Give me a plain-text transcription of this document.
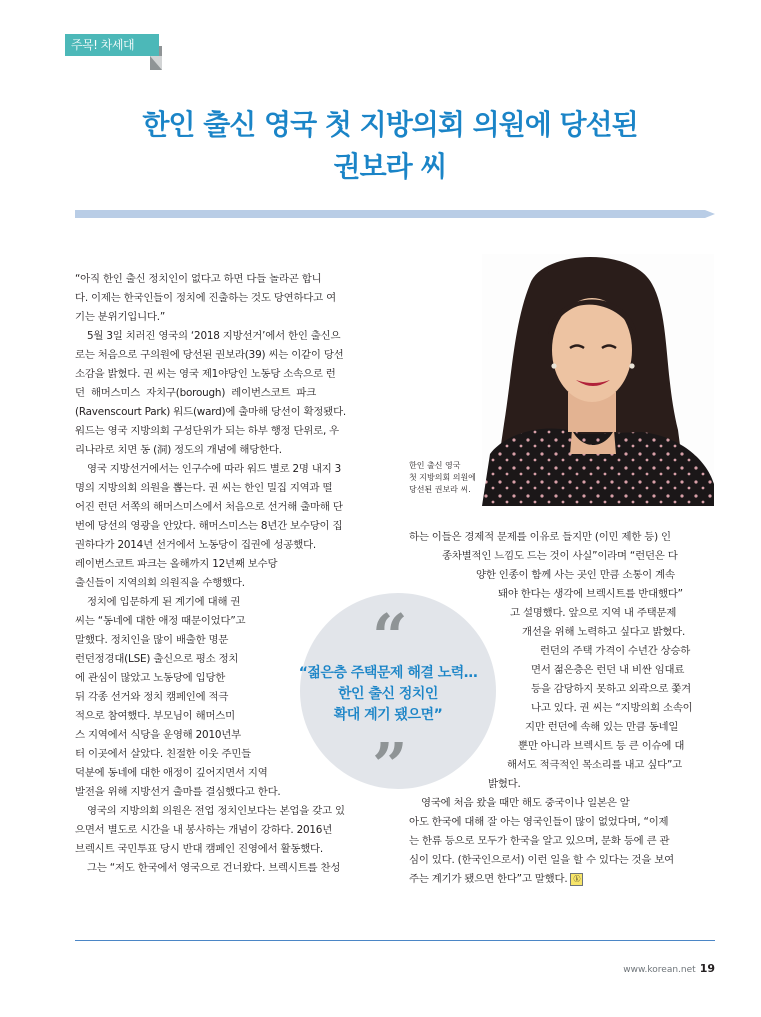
주목! 차세대
한인 출신 영국 첫 지방의회 의원에 당선된
권보라 씨
한인 출신 영국
첫 지방의회 의원에
당선된 권보라 씨.

“아직 한인 출신 정치인이 없다고 하면 다들 놀라곤 합니

다. 이제는 한국인들이 정치에 진출하는 것도 당연하다고 여

기는 분위기입니다.”

5월 3일 치러진 영국의 ‘2018 지방선거’에서 한인 출신으

로는 처음으로 구의원에 당선된 권보라(39) 씨는 이같이 당선

소감을 밝혔다. 권 씨는 영국 제1야당인 노동당 소속으로 런

던 해머스미스 자치구(borough) 레이번스코트 파크

(Ravenscourt Park) 워드(ward)에 출마해 당선이 확정됐다.

워드는 영국 지방의회 구성단위가 되는 하부 행정 단위로, 우

리나라로 치면 동 (洞) 정도의 개념에 해당한다.

영국 지방선거에서는 인구수에 따라 워드 별로 2명 내지 3

명의 지방의회 의원을 뽑는다. 권 씨는 한인 밀집 지역과 떨

어진 런던 서쪽의 해머스미스에서 처음으로 선거해 출마해 단

번에 당선의 영광을 안았다. 해머스미스는 8년간 보수당이 집

권하다가 2014년 선거에서 노동당이 집권에 성공했다.

레이번스코트 파크는 올해까지 12년째 보수당

출신들이 지역의회 의원직을 수행했다.

정치에 입문하게 된 계기에 대해 권

씨는 “동네에 대한 애정 때문이었다”고

말했다. 정치인을 많이 배출한 명문

런던정경대(LSE) 출신으로 평소 정치

에 관심이 많았고 노동당에 입당한

뒤 각종 선거와 정치 캠페인에 적극

적으로 참여했다. 부모님이 해머스미

스 지역에서 식당을 운영해 2010년부

터 이곳에서 살았다. 친절한 이웃 주민들

덕분에 동네에 대한 애정이 깊어지면서 지역

발전을 위해 지방선거 출마를 결심했다고 한다.

영국의 지방의회 의원은 전업 정치인보다는 본업을 갖고 있

으면서 별도로 시간을 내 봉사하는 개념이 강하다. 2016년

브렉시트 국민투표 당시 반대 캠페인 진영에서 활동했다.

그는 “저도 한국에서 영국으로 건너왔다. 브렉시트를 찬성

“
”
“젊은층 주택문제 해결 노력…
한인 출신 정치인
확대 계기 됐으면”

하는 이들은 경제적 문제를 이유로 들지만 (이민 제한 등) 인

종차별적인 느낌도 드는 것이 사실”이라며 “런던은 다

양한 인종이 함께 사는 곳인 만큼 소통이 계속

돼야 한다는 생각에 브렉시트를 반대했다”

고 설명했다. 앞으로 지역 내 주택문제

개선을 위해 노력하고 싶다고 밝혔다.

런던의 주택 가격이 수년간 상승하

면서 젊은층은 런던 내 비싼 임대료

등을 감당하지 못하고 외곽으로 쫓겨

나고 있다. 권 씨는 “지방의회 소속이

지만 런던에 속해 있는 만큼 동네일

뿐만 아니라 브렉시트 등 큰 이슈에 대

해서도 적극적인 목소리를 내고 싶다”고

밝혔다.

영국에 처음 왔을 때만 해도 중국이나 일본은 알

아도 한국에 대해 잘 아는 영국인들이 많이 없었다며, “이제

는 한류 등으로 모두가 한국을 알고 있으며, 문화 등에 큰 관

심이 있다. (한국인으로서) 이런 일을 할 수 있다는 것을 보여

주는 계기가 됐으면 한다”고 말했다. ⓚ

www.korean.net 19
